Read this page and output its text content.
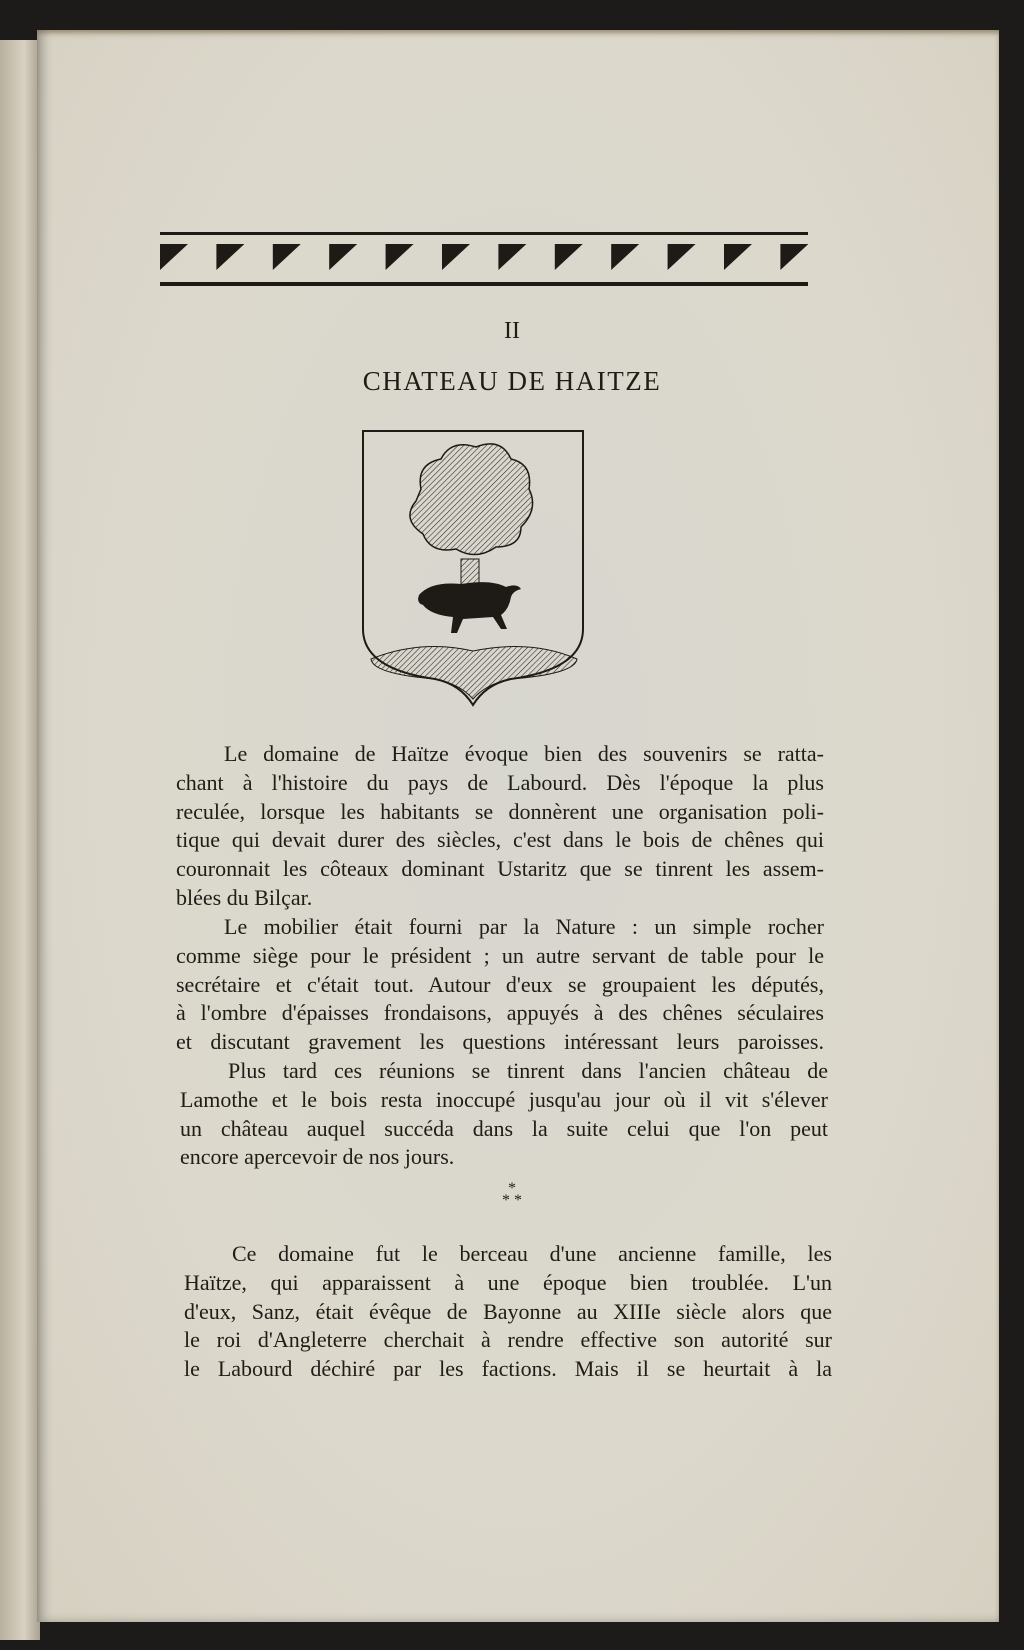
II
CHATEAU DE HAITZE
Le domaine de Haïtze évoque bien des souvenirs se ratta-
chant à l'histoire du pays de Labourd. Dès l'époque la plus
reculée, lorsque les habitants se donnèrent une organisation poli-
tique qui devait durer des siècles, c'est dans le bois de chênes qui
couronnait les côteaux dominant Ustaritz que se tinrent les assem-
blées du Bilçar.
Le mobilier était fourni par la Nature : un simple rocher
comme siège pour le président ; un autre servant de table pour le
secrétaire et c'était tout. Autour d'eux se groupaient les députés,
à l'ombre d'épaisses frondaisons, appuyés à des chênes séculaires
et discutant gravement les questions intéressant leurs paroisses.
Plus tard ces réunions se tinrent dans l'ancien château de
Lamothe et le bois resta inoccupé jusqu'au jour où il vit s'élever
un château auquel succéda dans la suite celui que l'on peut
encore apercevoir de nos jours.
*
* *
Ce domaine fut le berceau d'une ancienne famille, les
Haïtze, qui apparaissent à une époque bien troublée. L'un
d'eux, Sanz, était évêque de Bayonne au XIIIe siècle alors que
le roi d'Angleterre cherchait à rendre effective son autorité sur
le Labourd déchiré par les factions. Mais il se heurtait à la
